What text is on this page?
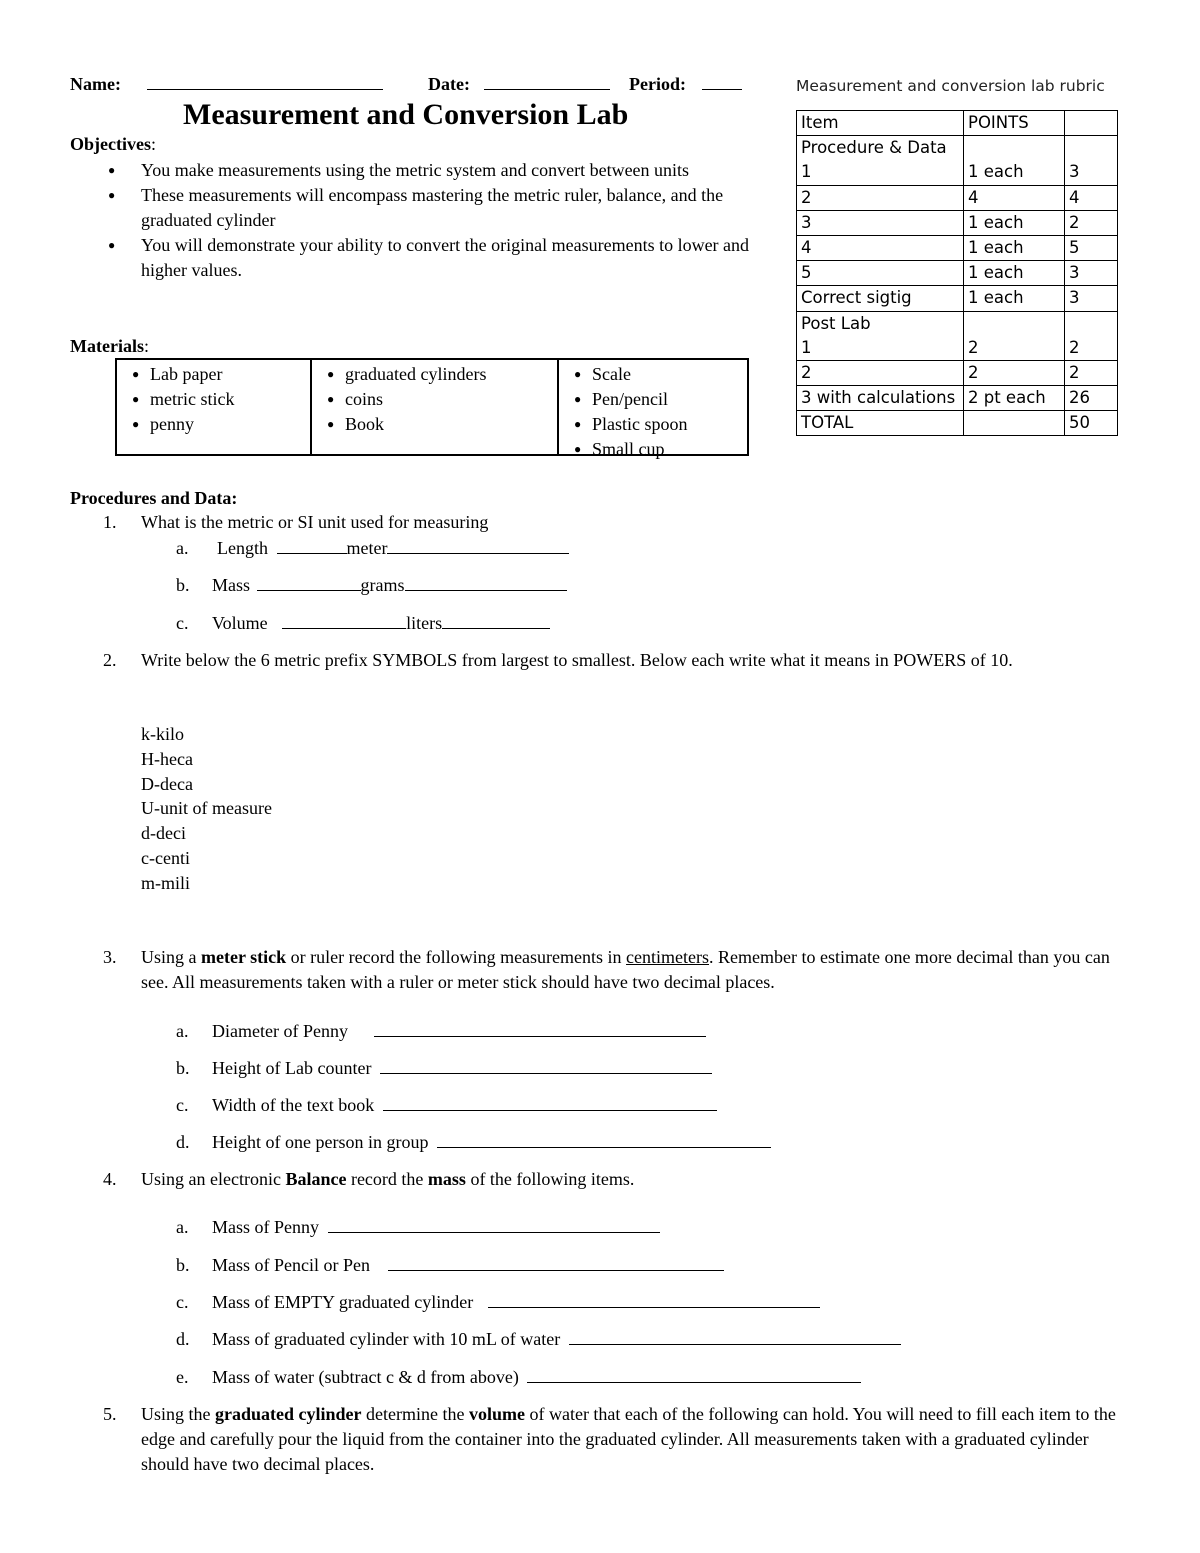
Name:	Date:	Period:
Measurement and Conversion Lab
Measurement and conversion lab rubric
Item	POINTS	
Procedure & Data		
1	1 each	3
2	4	4
3	1 each	2
4	1 each	5
5	1 each	3
Correct sigtig	1 each	3
Post Lab		
1	2	2
2	2	2
3 with calculations	2 pt each	26
TOTAL		50
Objectives:
● You make measurements using the metric system and convert between units
● These measurements will encompass mastering the metric ruler, balance, and the graduated cylinder
● You will demonstrate your ability to convert the original measurements to lower and higher values.
Materials:
● Lab paper
● metric stick
● penny
● graduated cylinders
● coins
● Book
● Scale
● Pen/pencil
● Plastic spoon
● Small cup
Procedures and Data:
1. What is the metric or SI unit used for measuring
a. Length	meter
b. Mass	grams
c. Volume	liters
2. Write below the 6 metric prefix SYMBOLS from largest to smallest. Below each write what it means in POWERS of 10.
k-kilo
H-heca
D-deca
U-unit of measure
d-deci
c-centi
m-mili
3. Using a meter stick or ruler record the following measurements in centimeters. Remember to estimate one more decimal than you can see. All measurements taken with a ruler or meter stick should have two decimal places.
a. Diameter of Penny
b. Height of Lab counter
c. Width of the text book
d. Height of one person in group
4. Using an electronic Balance record the mass of the following items.
a. Mass of Penny
b. Mass of Pencil or Pen
c. Mass of EMPTY graduated cylinder
d. Mass of graduated cylinder with 10 mL of water
e. Mass of water (subtract c & d from above)
5. Using the graduated cylinder determine the volume of water that each of the following can hold. You will need to fill each item to the edge and carefully pour the liquid from the container into the graduated cylinder. All measurements taken with a graduated cylinder should have two decimal places.
